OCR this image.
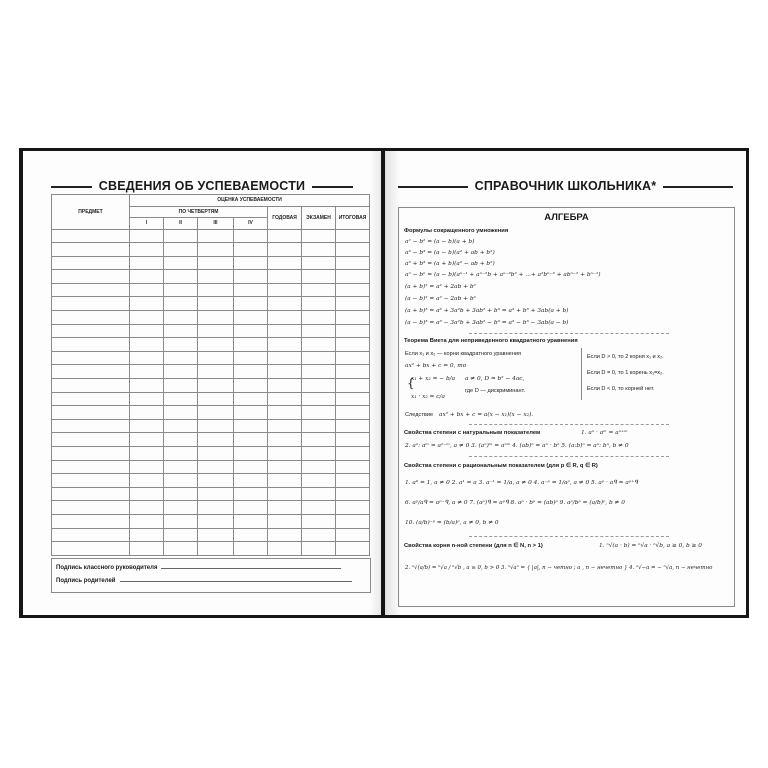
СВЕДЕНИЯ ОБ УСПЕВАЕМОСТИ
ПРЕДМЕТ	ОЦЕНКА УСПЕВАЕМОСТИ						
	ПО ЧЕТВЕРТЯМ				ГОДОВАЯ	ЭКЗАМЕН	ИТОГОВАЯ
	I	II	III	IV			

Подпись классного руководителя
Подпись родителей
СПРАВОЧНИК ШКОЛЬНИКА*
АЛГЕБРА
Формулы сокращенного умножения
a² − b² = (a − b)(a + b)
a³ − b³ = (a − b)(a² + ab + b²)
a³ + b³ = (a + b)(a² − ab + b²)
aⁿ − bⁿ = (a − b)(aⁿ⁻¹ + aⁿ⁻²b + aⁿ⁻³b² + ...+ a²bⁿ⁻³ + abⁿ⁻² + bⁿ⁻¹)
(a + b)² = a² + 2ab + b²
(a − b)² = a² − 2ab + b²
(a + b)³ = a³ + 3a²b + 3ab² + b³ = a³ + b³ + 3ab(a + b)
(a − b)³ = a³ − 3a²b + 3ab² − b³ = a³ − b³ − 3ab(a − b)
Теорема Виета для неприведенного квадратного уравнения
Если x₁ и x₂ — корни квадратного уравнения
ax² + bx + c = 0, то
{
x₁ + x₂ = − b/a
x₁ · x₂ = c/a
a ≠ 0, D = b² − 4ac,
где D — дискриминант.
Если D > 0, то 2 корня x₁ и x₂.
Если D = 0, то 1 корень x₁=x₂.
Если D < 0, то корней нет.
Следствие ax² + bx + c = a(x − x₁)(x − x₂).
Свойства степени с натуральным показателем	1. aⁿ · aᵐ = aⁿ⁺ᵐ
2. aⁿ: aᵐ = aⁿ⁻ᵐ, a ≠ 0 3. (aⁿ)ᵐ = aⁿᵐ 4. (ab)ⁿ = aⁿ · bⁿ 5. (a:b)ⁿ = aⁿ: bⁿ, b ≠ 0
Свойства степени с рациональным показателем (для p ∈ R, q ∈ R)
1. a⁰ = 1, a ≠ 0 2. a¹ = a 3. a⁻¹ = 1/a, a ≠ 0 4. a⁻ᵖ = 1/aᵖ, a ≠ 0 5. aᵖ · aᑫ = aᵖ⁺ᑫ
6. aᵖ/aᑫ = aᵖ⁻ᑫ, a ≠ 0 7. (aᵖ)ᑫ = aᵖᑫ 8. aᵖ · bᵖ = (ab)ᵖ 9. aᵖ/bᵖ = (a/b)ᵖ, b ≠ 0
10. (a/b)⁻ᵖ = (b/a)ᵖ, a ≠ 0, b ≠ 0
Свойства корня n-ной степени (для n ∈ N, n > 1)	1. ⁿ√(a · b) = ⁿ√a · ⁿ√b, a ≥ 0, b ≥ 0
2. ⁿ√(a/b) = ⁿ√a / ⁿ√b , a ≥ 0, b > 0 3. ⁿ√aⁿ = { |a|, n − четно ; a , n − нечетно } 4. ⁿ√−a = − ⁿ√a, n − нечетно
